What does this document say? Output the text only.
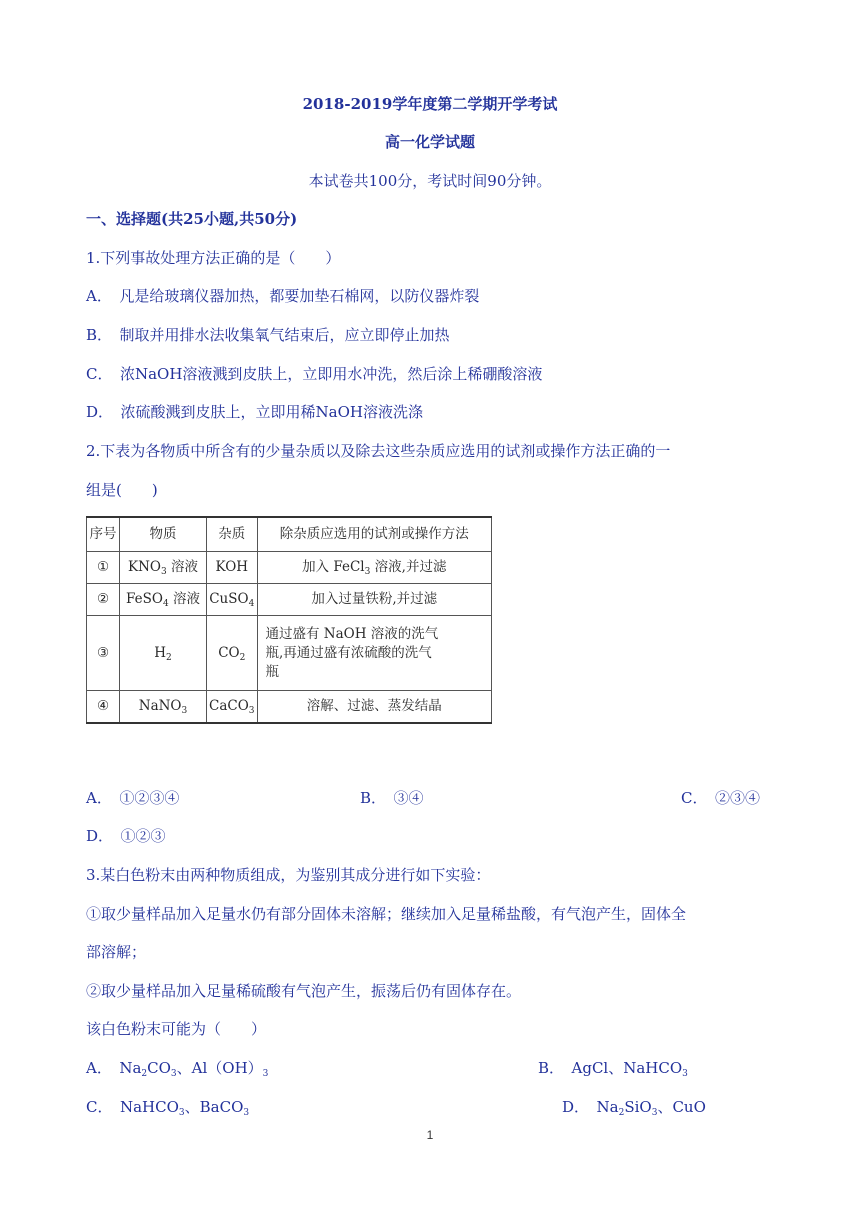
2018-2019学年度第二学期开学考试
高一化学试题
本试卷共100分，考试时间90分钟。
一、选择题(共25小题,共50分)
1.下列事故处理方法正确的是（　　）
A．　凡是给玻璃仪器加热，都要加垫石棉网，以防仪器炸裂
B．　制取并用排水法收集氧气结束后，应立即停止加热
C．　浓NaOH溶液溅到皮肤上，立即用水冲洗，然后涂上稀硼酸溶液
D．　浓硫酸溅到皮肤上，立即用稀NaOH溶液洗涤
2.下表为各物质中所含有的少量杂质以及除去这些杂质应选用的试剂或操作方法正确的一
组是(　　)
序号	物质	杂质	除杂质应选用的试剂或操作方法
①	$KNO_3$ 溶液	KOH	加入 FeCl$_3$ 溶液,并过滤
②	FeSO$_4$ 溶液	CuSO$_4$	加入过量铁粉,并过滤
③	$H_2$	$CO_2$	通过盛有 NaOH 溶液的洗气
瓶,再通过盛有浓硫酸的洗气
瓶

④	NaNO$_3$	CaCO$_3$	溶解、过滤、蒸发结晶
A．　①②③④	B．　③④	C．　②③④
D．　①②③
3.某白色粉末由两种物质组成，为鉴别其成分进行如下实验：
①取少量样品加入足量水仍有部分固体未溶解；继续加入足量稀盐酸，有气泡产生，固体全
部溶解；
②取少量样品加入足量稀硫酸有气泡产生，振荡后仍有固体存在。
该白色粉末可能为（　　）
A．　$Na_2CO_3$、$Al(OH)_3$	B．　AgCl、NaHCO$_3$
C．　NaHCO$_3$、BaCO$_3$	D．　$Na_2SiO_3$、CuO
1
